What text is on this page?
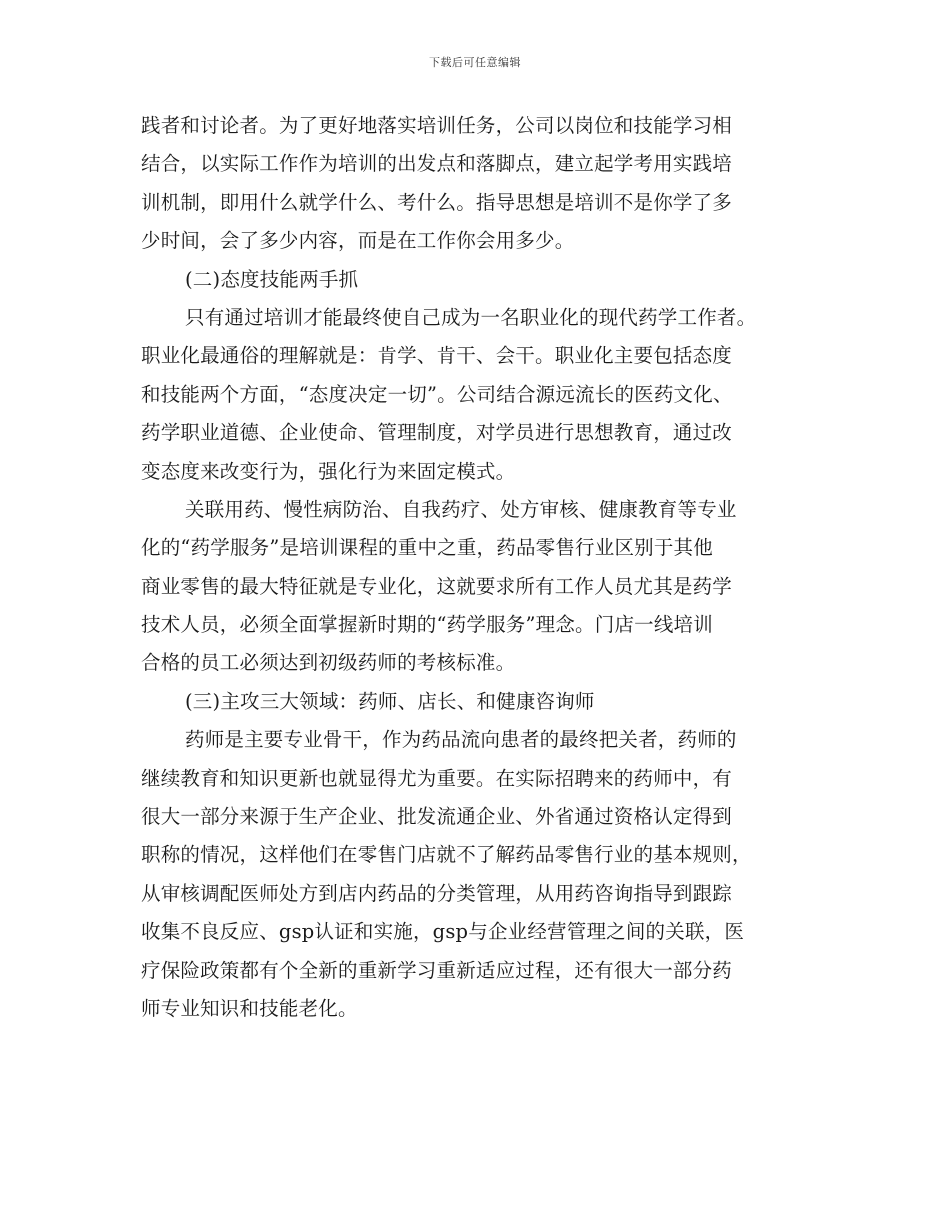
下载后可任意编辑
践者和讨论者。为了更好地落实培训任务，公司以岗位和技能学习相
结合，以实际工作作为培训的出发点和落脚点，建立起学考用实践培
训机制，即用什么就学什么、考什么。指导思想是培训不是你学了多
少时间，会了多少内容，而是在工作你会用多少。
(二)态度技能两手抓
只有通过培训才能最终使自己成为一名职业化的现代药学工作者。
职业化最通俗的理解就是：肯学、肯干、会干。职业化主要包括态度
和技能两个方面，“态度决定一切”。公司结合源远流长的医药文化、
药学职业道德、企业使命、管理制度，对学员进行思想教育，通过改
变态度来改变行为，强化行为来固定模式。
关联用药、慢性病防治、自我药疗、处方审核、健康教育等专业
化的“药学服务”是培训课程的重中之重，药品零售行业区别于其他
商业零售的最大特征就是专业化，这就要求所有工作人员尤其是药学
技术人员，必须全面掌握新时期的“药学服务”理念。门店一线培训
合格的员工必须达到初级药师的考核标准。
(三)主攻三大领域：药师、店长、和健康咨询师
药师是主要专业骨干，作为药品流向患者的最终把关者，药师的
继续教育和知识更新也就显得尤为重要。在实际招聘来的药师中，有
很大一部分来源于生产企业、批发流通企业、外省通过资格认定得到
职称的情况，这样他们在零售门店就不了解药品零售行业的基本规则，
从审核调配医师处方到店内药品的分类管理，从用药咨询指导到跟踪
收集不良反应、gsp认证和实施，gsp与企业经营管理之间的关联，医
疗保险政策都有个全新的重新学习重新适应过程，还有很大一部分药
师专业知识和技能老化。
